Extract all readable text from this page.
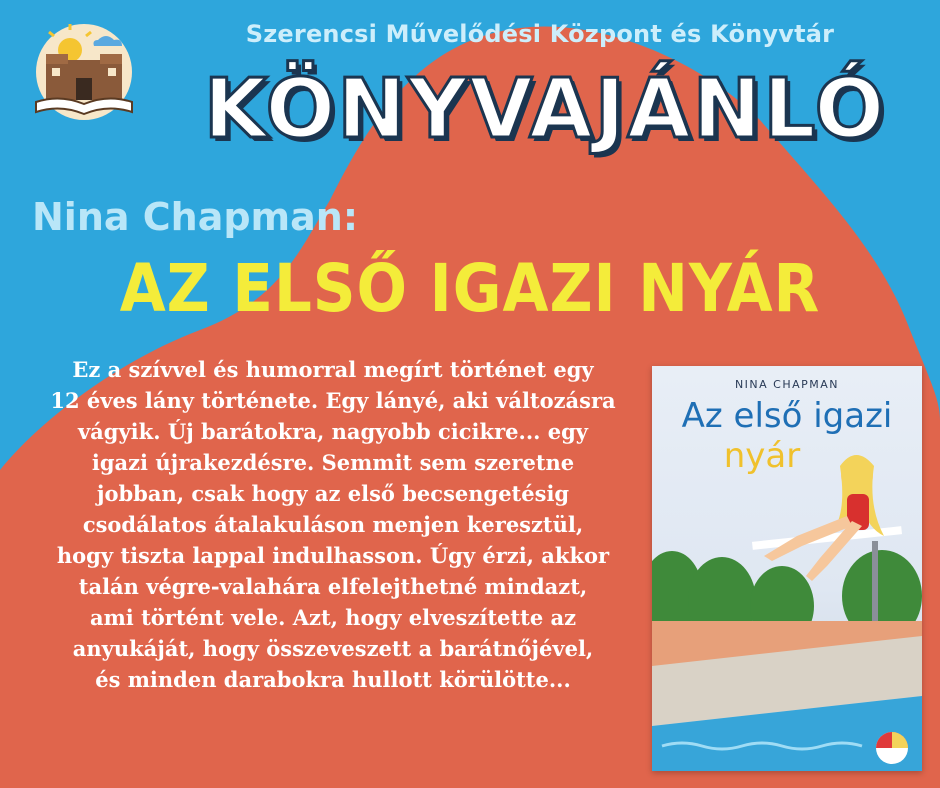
Szerencsi Művelődési Központ és Könyvtár
KÖNYVAJÁNLÓ
Nina Chapman:
AZ ELSŐ IGAZI NYÁR
Ez a szívvel és humorral megírt történet egy
12 éves lány története. Egy lányé, aki változásra
vágyik. Új barátokra, nagyobb cicikre... egy
igazi újrakezdésre. Semmit sem szeretne
jobban, csak hogy az első becsengetésig
csodálatos átalakuláson menjen keresztül,
hogy tiszta lappal indulhasson. Úgy érzi, akkor
talán végre-valahára elfelejthetné mindazt,
ami történt vele. Azt, hogy elveszítette az
anyukáját, hogy összeveszett a barátnőjével,
és minden darabokra hullott körülötte...
NINA CHAPMAN
Az első igazi
nyár
